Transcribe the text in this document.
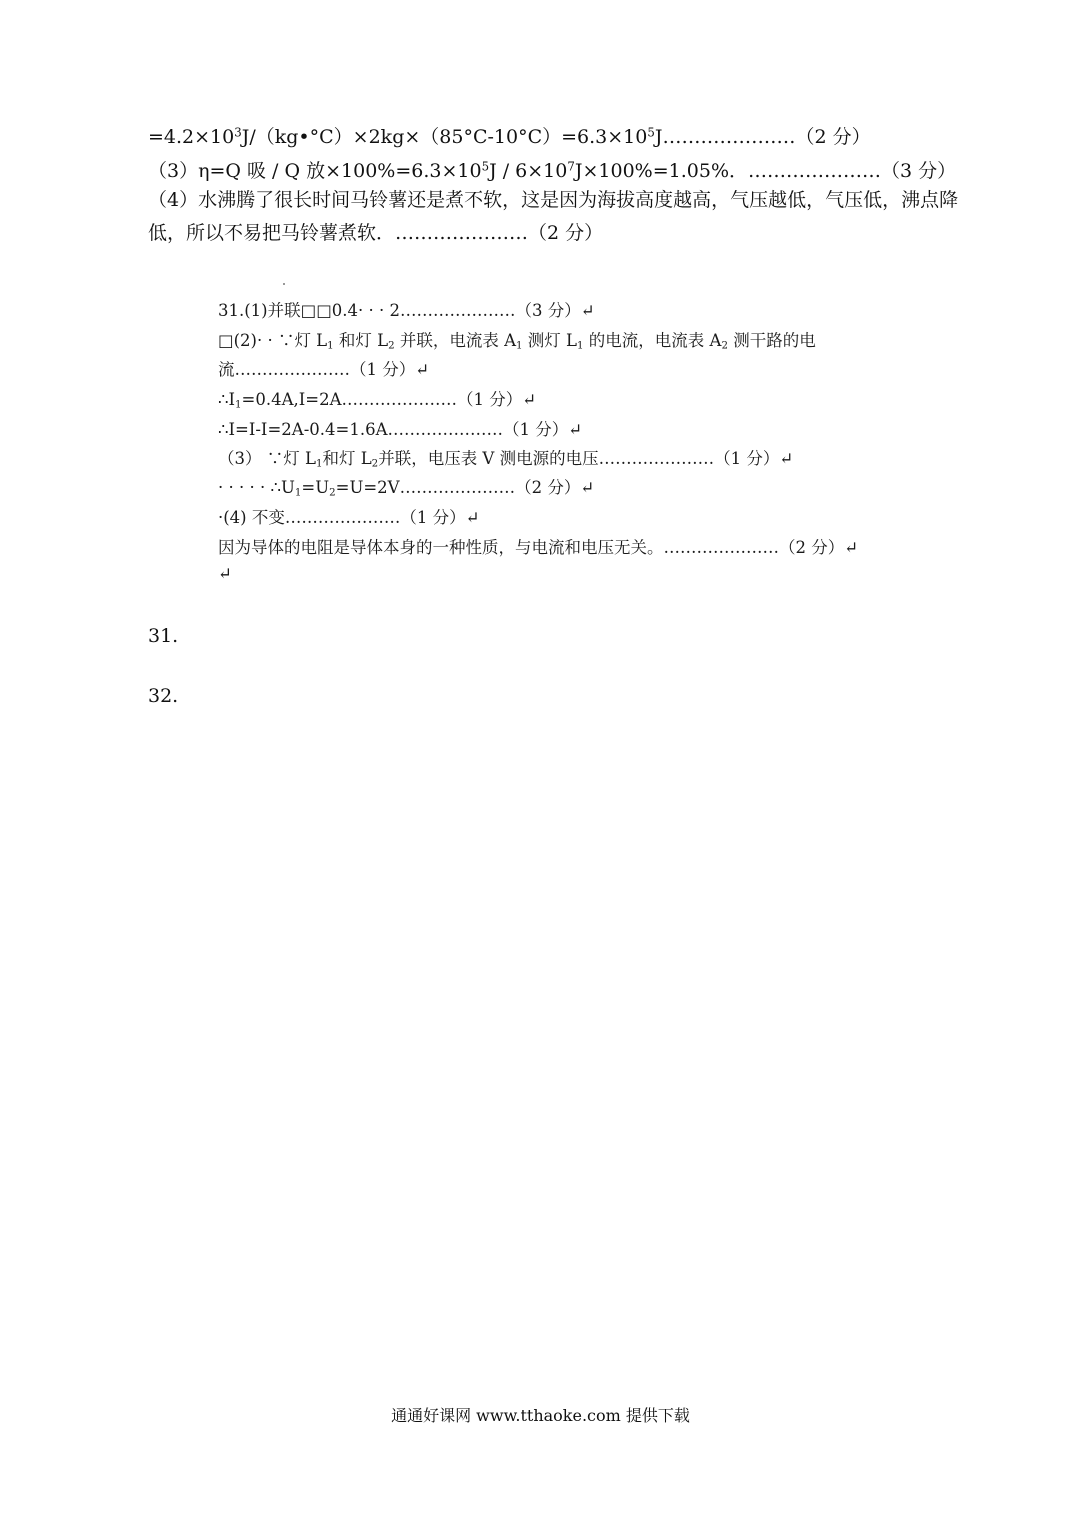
$=4.2\times 10^3J/(kg•^\circ C)\times 2kg\times(85^\circ C-10^\circ C)=6.3\times 10^5J\dots\dots\dots\dots\dots\dots\dots(2$ 分）
（3）η=Q 吸 / Q 放$\times 100\%=6.3\times 10^5J / 6\times 10^7J\times 100\%=1.05\%$．…………………（3 分）
（4）水沸腾了很长时间马铃薯还是煮不软，这是因为海拔高度越高，气压越低，气压低，沸点降低，所以不易把马铃薯煮软．…………………（2 分）
31.(1)并联□□0.4· · · 2…………………（3 分）↵
□(2)· · ∵灯 $L_1$ 和灯 $L_2$ 并联，电流表 $A_1$ 测灯 $L_1$ 的电流，电流表 $A_2$ 测干路的电
流…………………（1 分）↵
$\therefore I_1=0.4A,I=2A\dots\dots\dots\dots\dots\dots\dots(1$ 分）↵
∴I=I-I=2A-0.4=1.6A…………………（1 分）↵
（3） ∵灯 $L_1$和灯 $L_2$并联，电压表 V 测电源的电压…………………（1 分）↵
· · · · · $\therefore U_1=U_2=U=2V\dots\dots\dots\dots\dots\dots\dots(2$ 分）↵
·(4) 不变…………………（1 分）↵
因为导体的电阻是导体本身的一种性质，与电流和电压无关。…………………（2 分）↵
↵
31.
32.
通通好课网 www.tthaoke.com 提供下载
